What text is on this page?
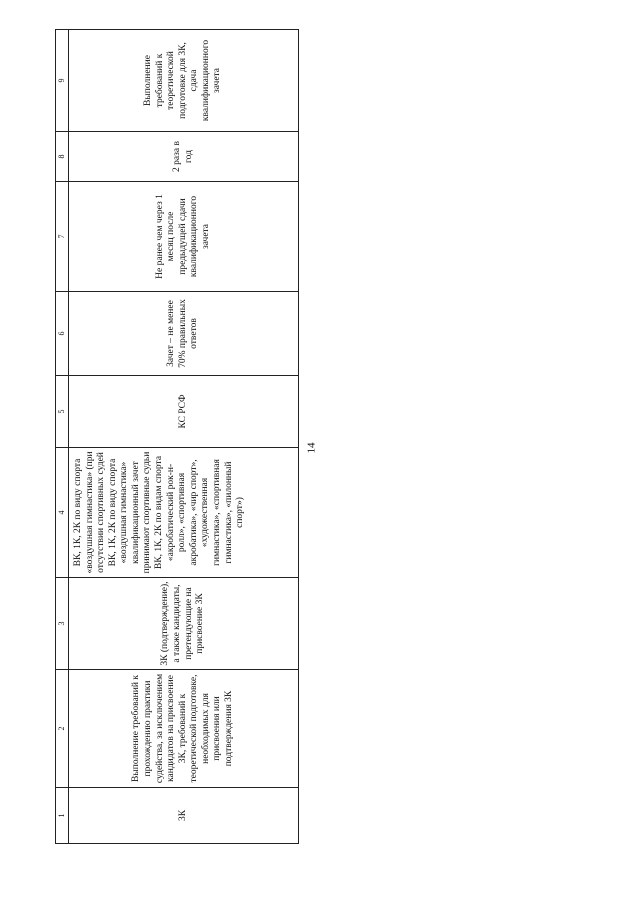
14
1	2	3	4	5	6	7	8	9
3К	Выполнение требований к прохождению практики судейства, за исключением кандидатов на присвоение 3К, требований к теоретической подготовке, необходимых для присвоения или подтверждения 3К	3К (подтверждение), а также кандидаты, претендующие на присвоение 3К	ВК, 1К, 2К по виду спорта «воздушная гимнастика» (при отсутствии спортивных судей ВК, 1К, 2К по виду спорта «воздушная гимнастика» квалификационный зачет принимают спортивные судьи ВК, 1К, 2К по видам спорта «акробатический рок-н-ролл», «спортивная акробатика», «чир спорт», «художественная гимнастика», «спортивная гимнастика», «пилонный спорт»)	КС РСФ	Зачет – не менее 70% правильных ответов	Не ранее чем через 1 месяц после предыдущей сдачи квалификационного зачета	2 раза в год	Выполнение требований к теоретической подготовке для 3К, сдача квалификационного зачета
